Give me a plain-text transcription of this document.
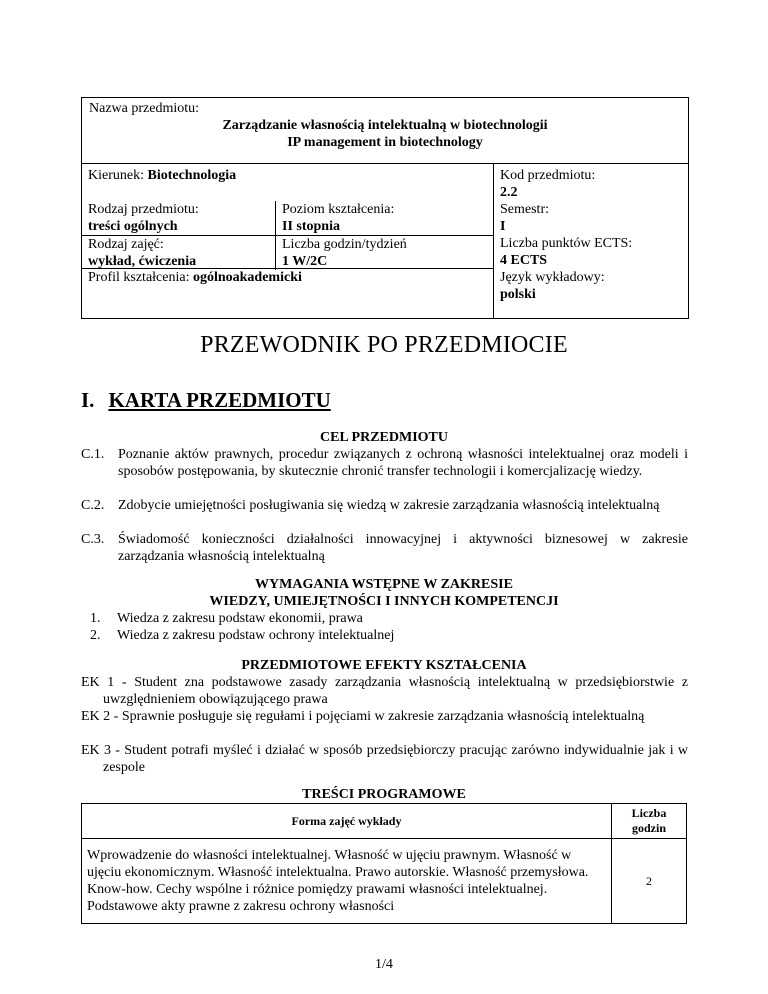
Nazwa przedmiotu:
Zarządzanie własnością intelektualną w biotechnologii
IP management in biotechnology
Kierunek: Biotechnologia
Rodzaj przedmiotu:
treści ogólnych
Poziom kształcenia:
II stopnia
Rodzaj zajęć:
wykład, ćwiczenia
Liczba godzin/tydzień
1 W/2C
Profil kształcenia: ogólnoakademicki
Kod przedmiotu:
2.2
Semestr:
I
Liczba punktów ECTS:
4 ECTS
Język wykładowy:
polski
PRZEWODNIK PO PRZEDMIOCIE
I. KARTA PRZEDMIOTU
CEL PRZEDMIOTU
C.1. Poznanie aktów prawnych, procedur związanych z ochroną własności intelektualnej oraz modeli i sposobów postępowania, by skutecznie chronić transfer technologii i komercjalizację wiedzy.
C.2. Zdobycie umiejętności posługiwania się wiedzą w zakresie zarządzania własnością intelektualną
C.3. Świadomość konieczności działalności innowacyjnej i aktywności biznesowej w zakresie zarządzania własnością intelektualną
WYMAGANIA WSTĘPNE W ZAKRESIE
WIEDZY, UMIEJĘTNOŚCI I INNYCH KOMPETENCJI
1. Wiedza z zakresu podstaw ekonomii, prawa
2. Wiedza z zakresu podstaw ochrony intelektualnej
PRZEDMIOTOWE EFEKTY KSZTAŁCENIA
EK 1 - Student zna podstawowe zasady zarządzania własnością intelektualną w przedsiębiorstwie z uwzględnieniem obowiązującego prawa
EK 2 - Sprawnie posługuje się regułami i pojęciami w zakresie zarządzania własnością intelektualną
EK 3 - Student potrafi myśleć i działać w sposób przedsiębiorczy pracując zarówno indywidualnie jak i w zespole
TREŚCI PROGRAMOWE
Forma zajęć wykłady	Liczba
godzin

Wprowadzenie do własności intelektualnej. Własność w ujęciu prawnym. Własność w ujęciu ekonomicznym. Własność intelektualna. Prawo autorskie. Własność przemysłowa. Know-how. Cechy wspólne i różnice pomiędzy prawami własności intelektualnej. Podstawowe akty prawne z zakresu ochrony własności	2
1/4
